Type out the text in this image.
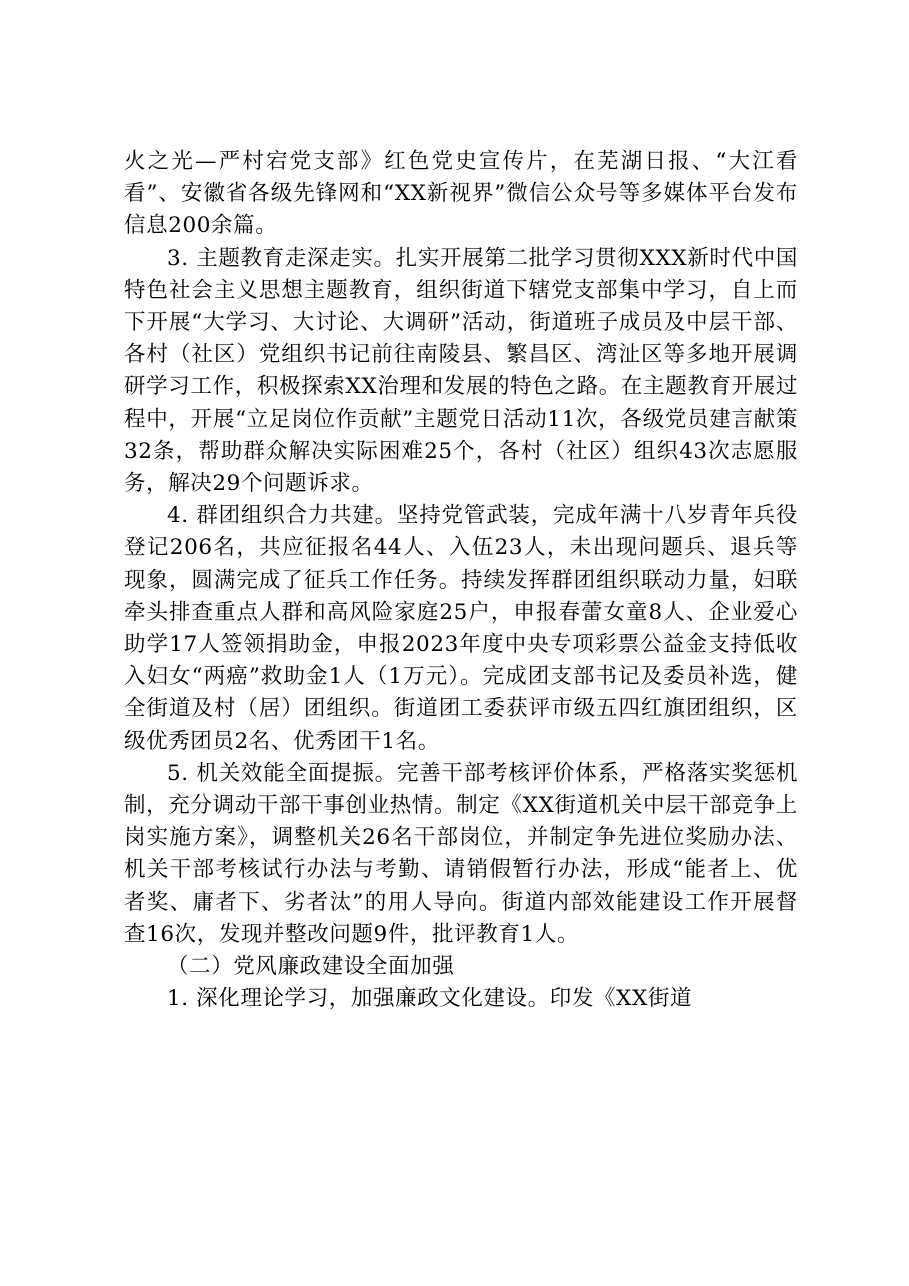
火之光—严村宕党支部》红色党史宣传片，在芜湖日报、“大江看看”、安徽省各级先锋网和“XX新视界”微信公众号等多媒体平台发布信息200余篇。

3. 主题教育走深走实。扎实开展第二批学习贯彻XXX新时代中国特色社会主义思想主题教育，组织街道下辖党支部集中学习，自上而下开展“大学习、大讨论、大调研”活动，街道班子成员及中层干部、各村（社区）党组织书记前往南陵县、繁昌区、湾沚区等多地开展调研学习工作，积极探索XX治理和发展的特色之路。在主题教育开展过程中，开展“立足岗位作贡献”主题党日活动11次，各级党员建言献策32条，帮助群众解决实际困难25个，各村（社区）组织43次志愿服务，解决29个问题诉求。

4. 群团组织合力共建。坚持党管武装，完成年满十八岁青年兵役登记206名，共应征报名44人、入伍23人，未出现问题兵、退兵等现象，圆满完成了征兵工作任务。持续发挥群团组织联动力量，妇联牵头排查重点人群和高风险家庭25户，申报春蕾女童8人、企业爱心助学17人签领捐助金，申报2023年度中央专项彩票公益金支持低收入妇女“两癌”救助金1人（1万元）。完成团支部书记及委员补选，健全街道及村（居）团组织。街道团工委获评市级五四红旗团组织，区级优秀团员2名、优秀团干1名。

5. 机关效能全面提振。完善干部考核评价体系，严格落实奖惩机制，充分调动干部干事创业热情。制定《XX街道机关中层干部竞争上岗实施方案》，调整机关26名干部岗位，并制定争先进位奖励办法、机关干部考核试行办法与考勤、请销假暂行办法，形成“能者上、优者奖、庸者下、劣者汰”的用人导向。街道内部效能建设工作开展督查16次，发现并整改问题9件，批评教育1人。

（二）党风廉政建设全面加强

1. 深化理论学习，加强廉政文化建设。印发《XX街道
